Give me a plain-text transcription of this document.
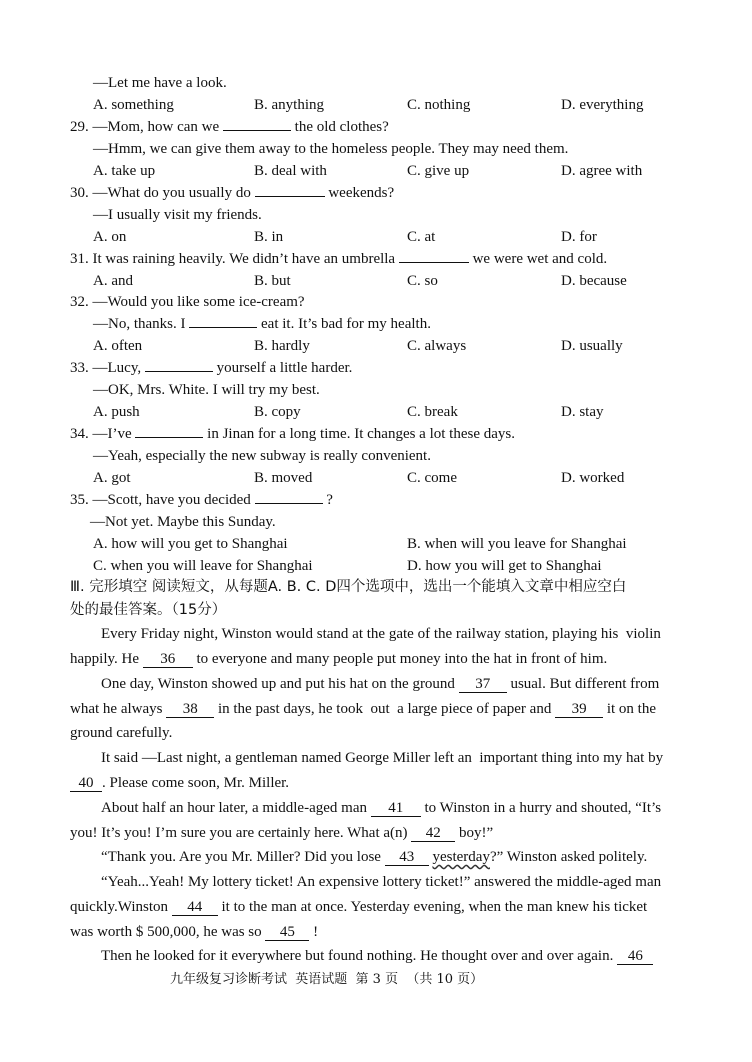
—Let me have a look.
A. something	B. anything	C. nothing	D. everything
29. —Mom, how can we	the old clothes?
—Hmm, we can give them away to the homeless people. They may need them.
A. take up	B. deal with	C. give up	D. agree with
30. —What do you usually do	weekends?
—I usually visit my friends.
A. on	B. in	C. at	D. for
31. It was raining heavily. We didn’t have an umbrella	we were wet and cold.
A. and	B. but	C. so	D. because
32. —Would you like some ice-cream?
—No, thanks. I	eat it. It’s bad for my health.
A. often	B. hardly	C. always	D. usually
33. —Lucy,	yourself a little harder.
—OK, Mrs. White. I will try my best.
A. push	B. copy	C. break	D. stay
34. —I’ve	in Jinan for a long time. It changes a lot these days.
—Yeah, especially the new subway is really convenient.
A. got	B. moved	C. come	D. worked
35. —Scott, have you decided	?
—Not yet. Maybe this Sunday.
A. how will you get to Shanghai	B. when will you leave for Shanghai
C. when you will leave for Shanghai	D. how you will get to Shanghai
Ⅲ. 完形填空 阅读短文，从每题A. B. C. D四个选项中，选出一个能填入文章中相应空白
处的最佳答案。（15分）
Every Friday night, Winston would stand at the gate of the railway station, playing his  violin
happily. He 36 to everyone and many people put money into the hat in front of him.
One day, Winston showed up and put his hat on the ground 37 usual. But different from
what he always 38 in the past days, he took  out  a large piece of paper and 39 it on the
ground carefully.
It said —Last night, a gentleman named George Miller left an  important thing into my hat by
40 . Please come soon, Mr. Miller.
About half an hour later, a middle-aged man 41 to Winston in a hurry and shouted, “It’s
you! It’s you! I’m sure you are certainly here. What a(n) 42 boy!”
“Thank you. Are you Mr. Miller? Did you lose 43 yesterday?” Winston asked politely.
“Yeah...Yeah! My lottery ticket! An expensive lottery ticket!” answered the middle-aged man
quickly.Winston 44 it to the man at once. Yesterday evening, when the man knew his ticket
was worth $ 500,000, he was so 45 !
Then he looked for it everywhere but found nothing. He thought over and over again. 46
九年级复习诊断考试  英语试题  第 3 页  （共 10 页）
